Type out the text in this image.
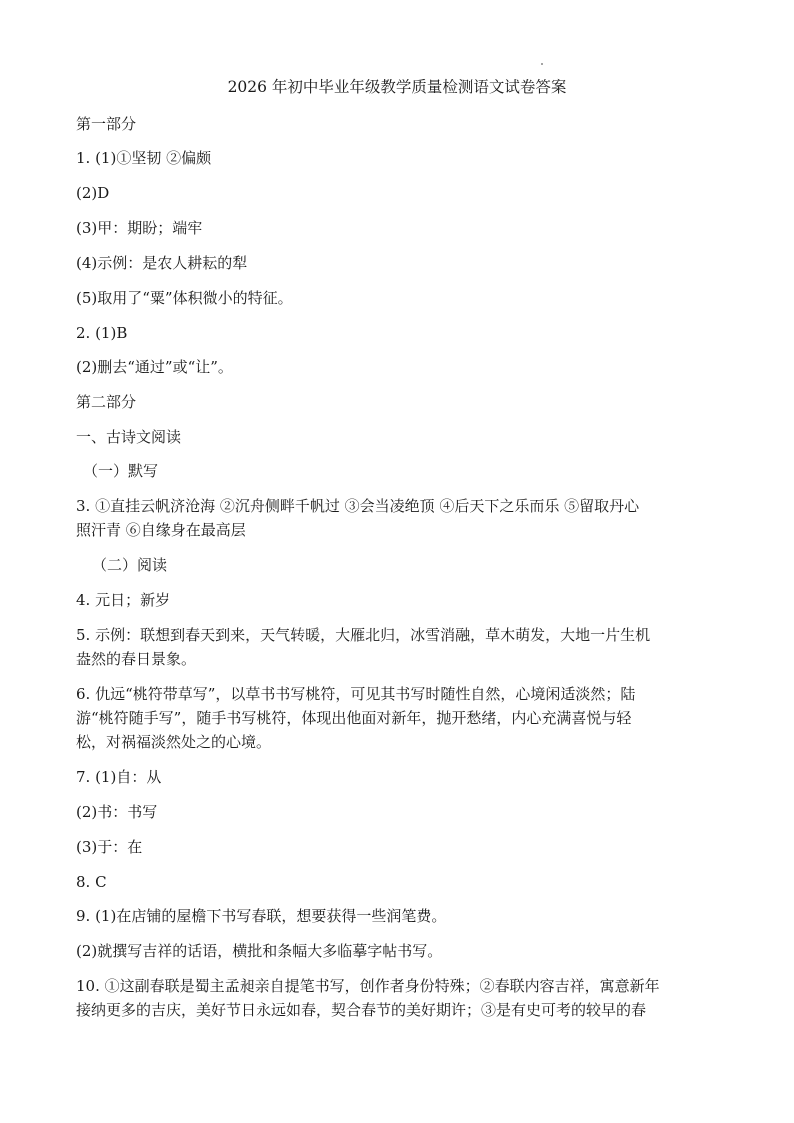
2026 年初中毕业年级教学质量检测语文试卷答案
第一部分
1. (1)①坚韧 ②偏颇
(2)D
(3)甲：期盼；端牢
(4)示例：是农人耕耘的犁
(5)取用了“粟”体积微小的特征。
2. (1)B
(2)删去“通过”或“让”。
第二部分
一、古诗文阅读
（一）默写
3. ①直挂云帆济沧海 ②沉舟侧畔千帆过 ③会当凌绝顶 ④后天下之乐而乐 ⑤留取丹心
照汗青 ⑥自缘身在最高层
（二）阅读
4. 元日；新岁
5. 示例：联想到春天到来，天气转暖，大雁北归，冰雪消融，草木萌发，大地一片生机
盎然的春日景象。
6. 仇远“桃符带草写”，以草书书写桃符，可见其书写时随性自然，心境闲适淡然；陆
游“桃符随手写”，随手书写桃符，体现出他面对新年，抛开愁绪，内心充满喜悦与轻
松，对祸福淡然处之的心境。
7. (1)自：从
(2)书：书写
(3)于：在
8. C
9. (1)在店铺的屋檐下书写春联，想要获得一些润笔费。
(2)就撰写吉祥的话语，横批和条幅大多临摹字帖书写。
10. ①这副春联是蜀主孟昶亲自提笔书写，创作者身份特殊；②春联内容吉祥，寓意新年
接纳更多的吉庆，美好节日永远如春，契合春节的美好期许；③是有史可考的较早的春
